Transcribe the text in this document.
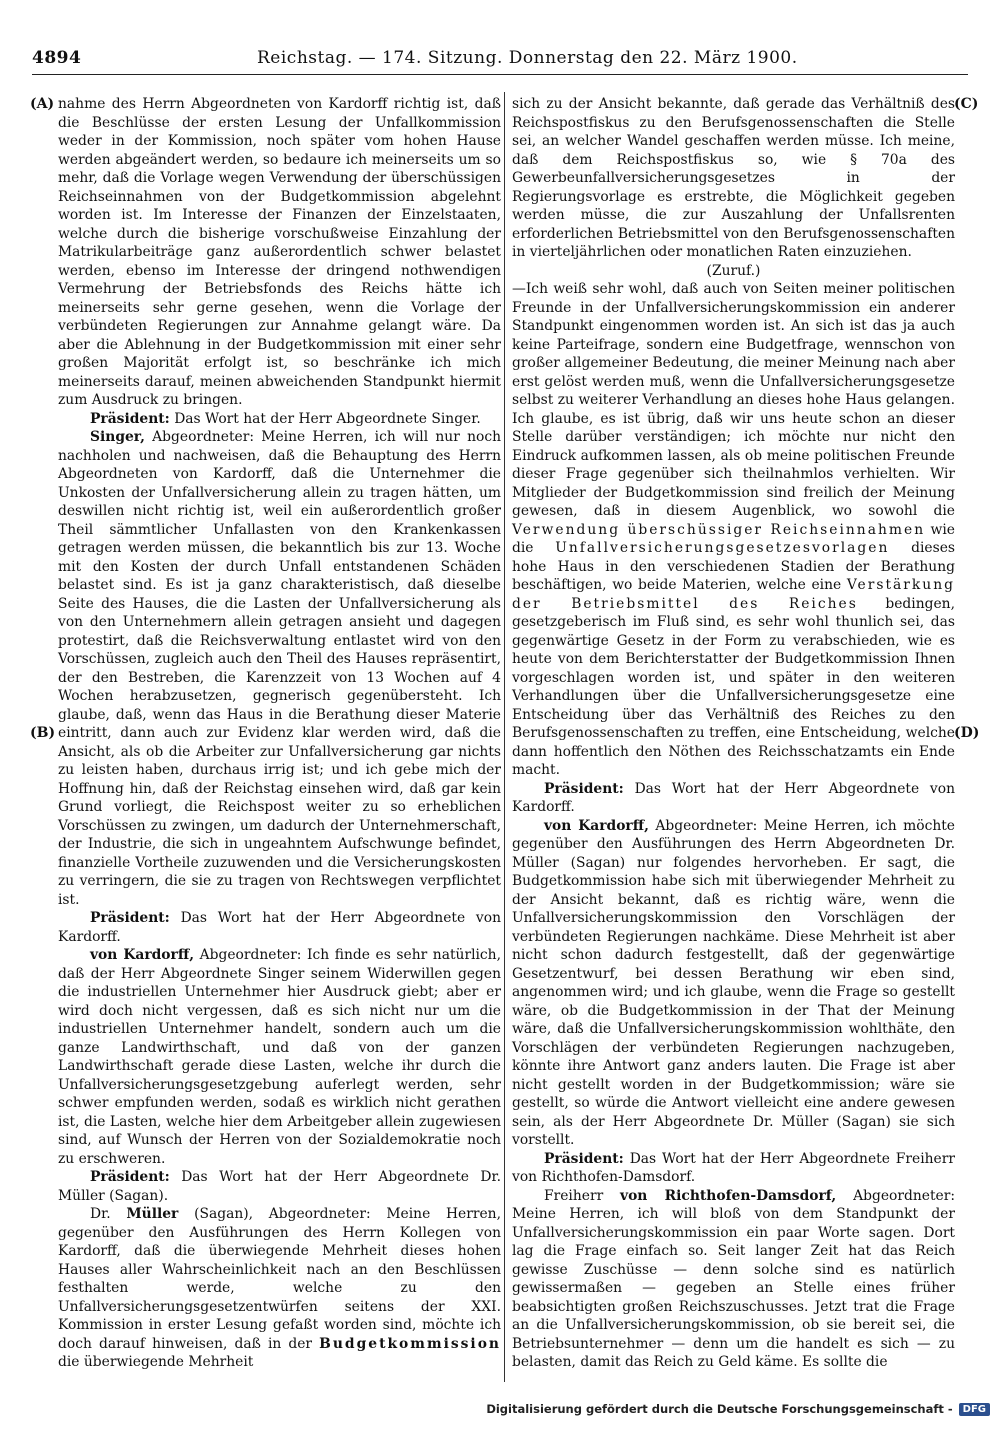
4894	Reichstag. — 174. Sitzung. Donnerstag den 22. März 1900.
(A)
(B)
(C)
(D)

nahme des Herrn Abgeordneten von Kardorff richtig ist, daß die Beschlüsse der ersten Lesung der Unfallkommission weder in der Kommission, noch später vom hohen Hause werden abgeändert werden, so bedaure ich meinerseits um so mehr, daß die Vorlage wegen Verwendung der überschüssigen Reichseinnahmen von der Budgetkommission abgelehnt worden ist. Im Interesse der Finanzen der Einzelstaaten, welche durch die bisherige vorschußweise Einzahlung der Matrikularbeiträge ganz außerordentlich schwer belastet werden, ebenso im Interesse der dringend nothwendigen Vermehrung der Betriebsfonds des Reichs hätte ich meinerseits sehr gerne gesehen, wenn die Vorlage der verbündeten Regierungen zur Annahme gelangt wäre. Da aber die Ablehnung in der Budgetkommission mit einer sehr großen Majorität erfolgt ist, so beschränke ich mich meinerseits darauf, meinen abweichenden Standpunkt hiermit zum Ausdruck zu bringen.

Präsident: Das Wort hat der Herr Abgeordnete Singer.

Singer, Abgeordneter: Meine Herren, ich will nur noch nachholen und nachweisen, daß die Behauptung des Herrn Abgeordneten von Kardorff, daß die Unternehmer die Unkosten der Unfallversicherung allein zu tragen hätten, um deswillen nicht richtig ist, weil ein außerordentlich großer Theil sämmtlicher Unfallasten von den Krankenkassen getragen werden müssen, die bekanntlich bis zur 13. Woche mit den Kosten der durch Unfall entstandenen Schäden belastet sind. Es ist ja ganz charakteristisch, daß dieselbe Seite des Hauses, die die Lasten der Unfallversicherung als von den Unternehmern allein getragen ansieht und dagegen protestirt, daß die Reichsverwaltung entlastet wird von den Vorschüssen, zugleich auch den Theil des Hauses repräsentirt, der den Bestreben, die Karenzzeit von 13 Wochen auf 4 Wochen herabzusetzen, gegnerisch gegenübersteht. Ich glaube, daß, wenn das Haus in die Berathung dieser Materie eintritt, dann auch zur Evidenz klar werden wird, daß die Ansicht, als ob die Arbeiter zur Unfallversicherung gar nichts zu leisten haben, durchaus irrig ist; und ich gebe mich der Hoffnung hin, daß der Reichstag einsehen wird, daß gar kein Grund vorliegt, die Reichspost weiter zu so erheblichen Vorschüssen zu zwingen, um dadurch der Unternehmerschaft, der Industrie, die sich in ungeahntem Aufschwunge befindet, finanzielle Vortheile zuzuwenden und die Versicherungskosten zu verringern, die sie zu tragen von Rechtswegen verpflichtet ist.

Präsident: Das Wort hat der Herr Abgeordnete von Kardorff.

von Kardorff, Abgeordneter: Ich finde es sehr natürlich, daß der Herr Abgeordnete Singer seinem Widerwillen gegen die industriellen Unternehmer hier Ausdruck giebt; aber er wird doch nicht vergessen, daß es sich nicht nur um die industriellen Unternehmer handelt, sondern auch um die ganze Landwirthschaft, und daß von der ganzen Landwirthschaft gerade diese Lasten, welche ihr durch die Unfallversicherungsgesetzgebung auferlegt werden, sehr schwer empfunden werden, sodaß es wirklich nicht gerathen ist, die Lasten, welche hier dem Arbeitgeber allein zugewiesen sind, auf Wunsch der Herren von der Sozialdemokratie noch zu erschweren.

Präsident: Das Wort hat der Herr Abgeordnete Dr. Müller (Sagan).

Dr. Müller (Sagan), Abgeordneter: Meine Herren, gegenüber den Ausführungen des Herrn Kollegen von Kardorff, daß die überwiegende Mehrheit dieses hohen Hauses aller Wahrscheinlichkeit nach an den Beschlüssen festhalten werde, welche zu den Unfallversicherungsgesetzentwürfen seitens der XXI. Kommission in erster Lesung gefaßt worden sind, möchte ich doch darauf hinweisen, daß in der Budgetkommission die überwiegende Mehrheit

sich zu der Ansicht bekannte, daß gerade das Verhältniß des Reichspostfiskus zu den Berufsgenossenschaften die Stelle sei, an welcher Wandel geschaffen werden müsse. Ich meine, daß dem Reichspostfiskus so, wie § 70a des Gewerbeunfallversicherungsgesetzes in der Regierungsvorlage es erstrebte, die Möglichkeit gegeben werden müsse, die zur Auszahlung der Unfallsrenten erforderlichen Betriebsmittel von den Berufsgenossenschaften in vierteljährlichen oder monatlichen Raten einzuziehen.

(Zuruf.)

—Ich weiß sehr wohl, daß auch von Seiten meiner politischen Freunde in der Unfallversicherungskommission ein anderer Standpunkt eingenommen worden ist. An sich ist das ja auch keine Parteifrage, sondern eine Budgetfrage, wennschon von großer allgemeiner Bedeutung, die meiner Meinung nach aber erst gelöst werden muß, wenn die Unfallversicherungsgesetze selbst zu weiterer Verhandlung an dieses hohe Haus gelangen. Ich glaube, es ist übrig, daß wir uns heute schon an dieser Stelle darüber verständigen; ich möchte nur nicht den Eindruck aufkommen lassen, als ob meine politischen Freunde dieser Frage gegenüber sich theilnahmlos verhielten. Wir Mitglieder der Budgetkommission sind freilich der Meinung gewesen, daß in diesem Augenblick, wo sowohl die Verwendung überschüssiger Reichseinnahmen wie die Unfallversicherungsgesetzesvorlagen dieses hohe Haus in den verschiedenen Stadien der Berathung beschäftigen, wo beide Materien, welche eine Verstärkung der Betriebsmittel des Reiches bedingen, gesetzgeberisch im Fluß sind, es sehr wohl thunlich sei, das gegenwärtige Gesetz in der Form zu verabschieden, wie es heute von dem Berichterstatter der Budgetkommission Ihnen vorgeschlagen worden ist, und später in den weiteren Verhandlungen über die Unfallversicherungsgesetze eine Entscheidung über das Verhältniß des Reiches zu den Berufsgenossenschaften zu treffen, eine Entscheidung, welche dann hoffentlich den Nöthen des Reichsschatzamts ein Ende macht.

Präsident: Das Wort hat der Herr Abgeordnete von Kardorff.

von Kardorff, Abgeordneter: Meine Herren, ich möchte gegenüber den Ausführungen des Herrn Abgeordneten Dr. Müller (Sagan) nur folgendes hervorheben. Er sagt, die Budgetkommission habe sich mit überwiegender Mehrheit zu der Ansicht bekannt, daß es richtig wäre, wenn die Unfallversicherungskommission den Vorschlägen der verbündeten Regierungen nachkäme. Diese Mehrheit ist aber nicht schon dadurch festgestellt, daß der gegenwärtige Gesetzentwurf, bei dessen Berathung wir eben sind, angenommen wird; und ich glaube, wenn die Frage so gestellt wäre, ob die Budgetkommission in der That der Meinung wäre, daß die Unfallversicherungskommission wohlthäte, den Vorschlägen der verbündeten Regierungen nachzugeben, könnte ihre Antwort ganz anders lauten. Die Frage ist aber nicht gestellt worden in der Budgetkommission; wäre sie gestellt, so würde die Antwort vielleicht eine andere gewesen sein, als der Herr Abgeordnete Dr. Müller (Sagan) sie sich vorstellt.

Präsident: Das Wort hat der Herr Abgeordnete Freiherr von Richthofen-Damsdorf.

Freiherr von Richthofen-Damsdorf, Abgeordneter: Meine Herren, ich will bloß von dem Standpunkt der Unfallversicherungskommission ein paar Worte sagen. Dort lag die Frage einfach so. Seit langer Zeit hat das Reich gewisse Zuschüsse — denn solche sind es natürlich gewissermaßen — gegeben an Stelle eines früher beabsichtigten großen Reichszuschusses. Jetzt trat die Frage an die Unfallversicherungskommission, ob sie bereit sei, die Betriebsunternehmer — denn um die handelt es sich — zu belasten, damit das Reich zu Geld käme. Es sollte die

Digitalisierung gefördert durch die Deutsche Forschungsgemeinschaft -	DFG
